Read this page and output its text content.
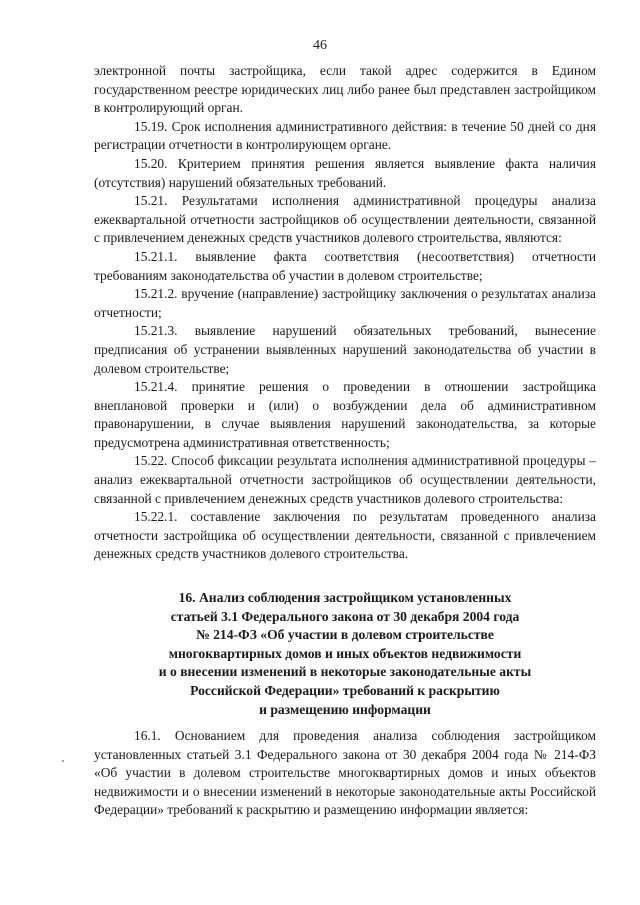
46

электронной почты застройщика, если такой адрес содержится в Едином государственном реестре юридических лиц либо ранее был представлен застройщиком в контролирующий орган.

15.19. Срок исполнения административного действия: в течение 50 дней со дня регистрации отчетности в контролирующем органе.

15.20. Критерием принятия решения является выявление факта наличия (отсутствия) нарушений обязательных требований.

15.21. Результатами исполнения административной процедуры анализа ежеквартальной отчетности застройщиков об осуществлении деятельности, связанной с привлечением денежных средств участников долевого строительства, являются:

15.21.1. выявление факта соответствия (несоответствия) отчетности требованиям законодательства об участии в долевом строительстве;

15.21.2. вручение (направление) застройщику заключения о результатах анализа отчетности;

15.21.3. выявление нарушений обязательных требований, вынесение предписания об устранении выявленных нарушений законодательства об участии в долевом строительстве;

15.21.4. принятие решения о проведении в отношении застройщика внеплановой проверки и (или) о возбуждении дела об административном правонарушении, в случае выявления нарушений законодательства, за которые предусмотрена административная ответственность;

15.22. Способ фиксации результата исполнения административной процедуры – анализ ежеквартальной отчетности застройщиков об осуществлении деятельности, связанной с привлечением денежных средств участников долевого строительства:

15.22.1. составление заключения по результатам проведенного анализа отчетности застройщика об осуществлении деятельности, связанной с привлечением денежных средств участников долевого строительства.

16. Анализ соблюдения застройщиком установленных
статьей 3.1 Федерального закона от 30 декабря 2004 года
№ 214-ФЗ «Об участии в долевом строительстве
многоквартирных домов и иных объектов недвижимости
и о внесении изменений в некоторые законодательные акты
Российской Федерации» требований к раскрытию
и размещению информации

16.1. Основанием для проведения анализа соблюдения застройщиком установленных статьей 3.1 Федерального закона от 30 декабря 2004 года № 214-ФЗ «Об участии в долевом строительстве многоквартирных домов и иных объектов недвижимости и о внесении изменений в некоторые законодательные акты Российской Федерации» требований к раскрытию и размещению информации является:
